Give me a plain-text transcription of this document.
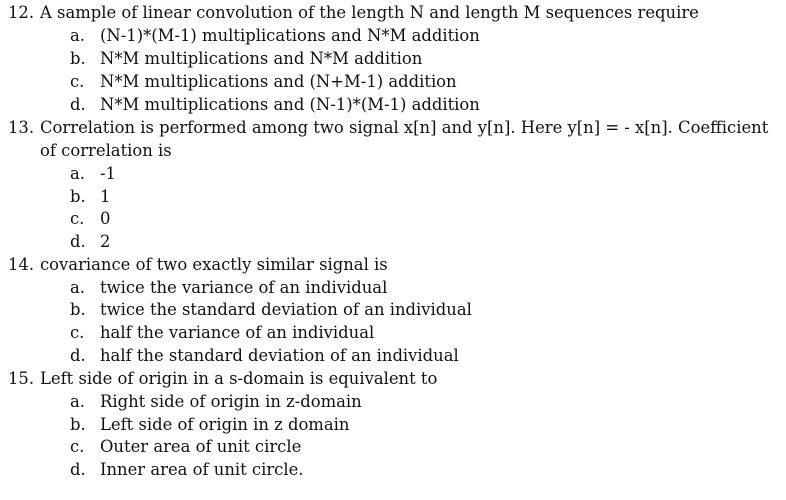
12. A sample of linear convolution of the length N and length M sequences require
a. (N-1)*(M-1) multiplications and N*M addition
b. N*M multiplications and N*M addition
c. N*M multiplications and (N+M-1) addition
d. N*M multiplications and (N-1)*(M-1) addition
13. Correlation is performed among two signal x[n] and y[n]. Here y[n] = - x[n]. Coefficient
of correlation is
a. -1
b. 1
c. 0
d. 2
14. covariance of two exactly similar signal is
a. twice the variance of an individual
b. twice the standard deviation of an individual
c. half the variance of an individual
d. half the standard deviation of an individual
15. Left side of origin in a s-domain is equivalent to
a. Right side of origin in z-domain
b. Left side of origin in z domain
c. Outer area of unit circle
d. Inner area of unit circle.
